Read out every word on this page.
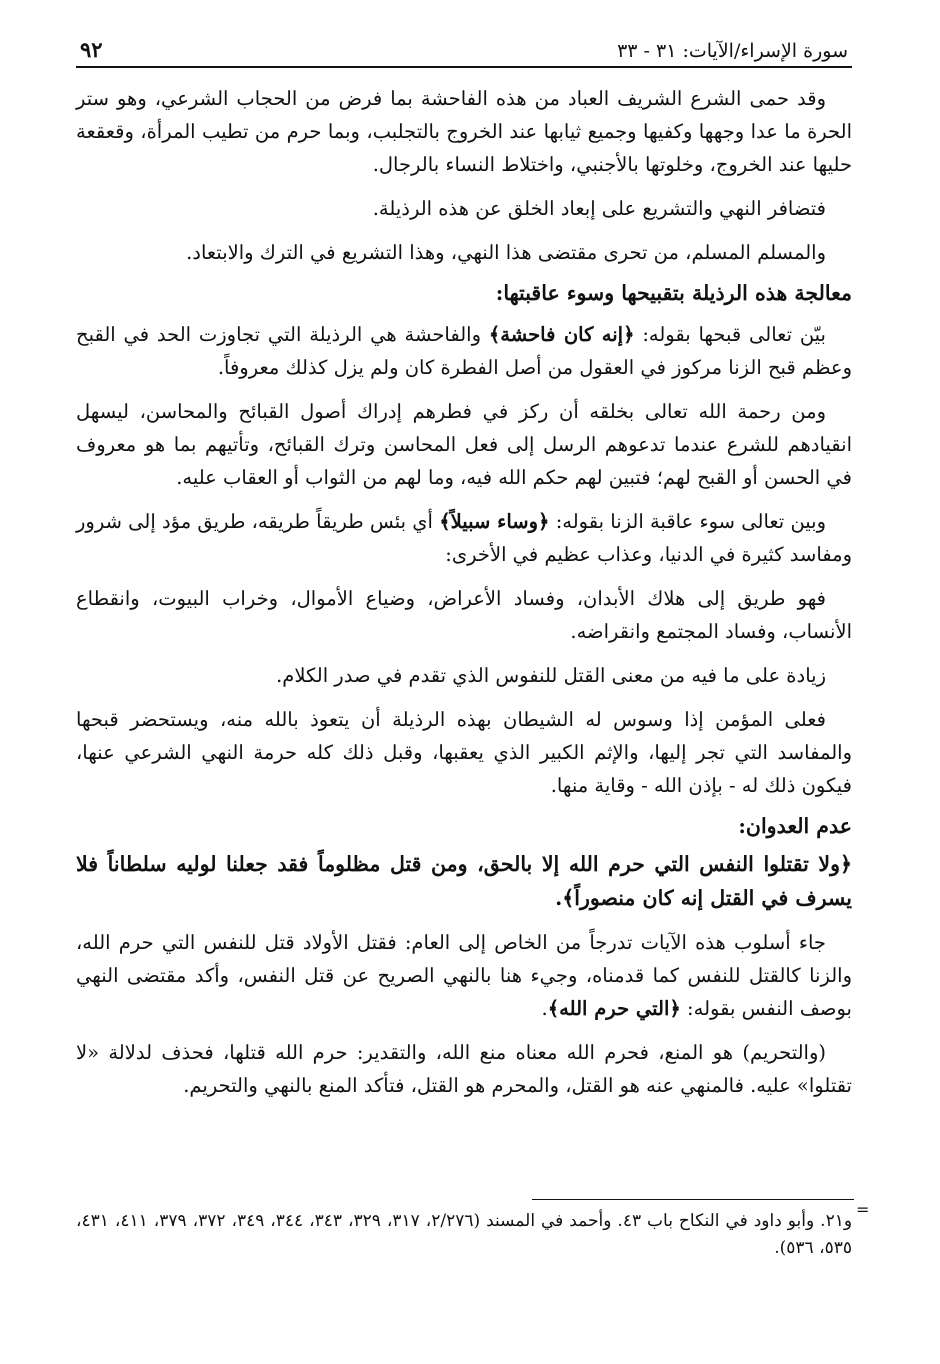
سورة الإسراء/الآيات: ٣١ - ٣٣
٩٢

وقد حمى الشرع الشريف العباد من هذه الفاحشة بما فرض من الحجاب الشرعي، وهو ستر الحرة ما عدا وجهها وكفيها وجميع ثيابها عند الخروج بالتجلبب، وبما حرم من تطيب المرأة، وقعقعة حليها عند الخروج، وخلوتها بالأجنبي، واختلاط النساء بالرجال.

فتضافر النهي والتشريع على إبعاد الخلق عن هذه الرذيلة.

والمسلم المسلم، من تحرى مقتضى هذا النهي، وهذا التشريع في الترك والابتعاد.

معالجة هذه الرذيلة بتقبيحها وسوء عاقبتها:

بيّن تعالى قبحها بقوله: ﴿إنه كان فاحشة﴾ والفاحشة هي الرذيلة التي تجاوزت الحد في القبح وعظم قبح الزنا مركوز في العقول من أصل الفطرة كان ولم يزل كذلك معروفاً.

ومن رحمة الله تعالى بخلقه أن ركز في فطرهم إدراك أصول القبائح والمحاسن، ليسهل انقيادهم للشرع عندما تدعوهم الرسل إلى فعل المحاسن وترك القبائح، وتأتيهم بما هو معروف في الحسن أو القبح لهم؛ فتبين لهم حكم الله فيه، وما لهم من الثواب أو العقاب عليه.

وبين تعالى سوء عاقبة الزنا بقوله: ﴿وساء سبيلاً﴾ أي بئس طريقاً طريقه، طريق مؤد إلى شرور ومفاسد كثيرة في الدنيا، وعذاب عظيم في الأخرى:

فهو طريق إلى هلاك الأبدان، وفساد الأعراض، وضياع الأموال، وخراب البيوت، وانقطاع الأنساب، وفساد المجتمع وانقراضه.

زيادة على ما فيه من معنى القتل للنفوس الذي تقدم في صدر الكلام.

فعلى المؤمن إذا وسوس له الشيطان بهذه الرذيلة أن يتعوذ بالله منه، ويستحضر قبحها والمفاسد التي تجر إليها، والإثم الكبير الذي يعقبها، وقبل ذلك كله حرمة النهي الشرعي عنها، فيكون ذلك له - بإذن الله - وقاية منها.

عدم العدوان:

﴿ولا تقتلوا النفس التي حرم الله إلا بالحق، ومن قتل مظلوماً فقد جعلنا لوليه سلطاناً فلا يسرف في القتل إنه كان منصوراً﴾.

جاء أسلوب هذه الآيات تدرجاً من الخاص إلى العام: فقتل الأولاد قتل للنفس التي حرم الله، والزنا كالقتل للنفس كما قدمناه، وجيء هنا بالنهي الصريح عن قتل النفس، وأكد مقتضى النهي بوصف النفس بقوله: ﴿التي حرم الله﴾.

(والتحريم) هو المنع، فحرم الله معناه منع الله، والتقدير: حرم الله قتلها، فحذف لدلالة «لا تقتلوا» عليه. فالمنهي عنه هو القتل، والمحرم هو القتل، فتأكد المنع بالنهي والتحريم.

=

و٢١. وأبو داود في النكاح باب ٤٣. وأحمد في المسند (٢/٢٧٦، ٣١٧، ٣٢٩، ٣٤٣، ٣٤٤، ٣٤٩، ٣٧٢، ٣٧٩، ٤١١، ٤٣١، ٥٣٥، ٥٣٦).
